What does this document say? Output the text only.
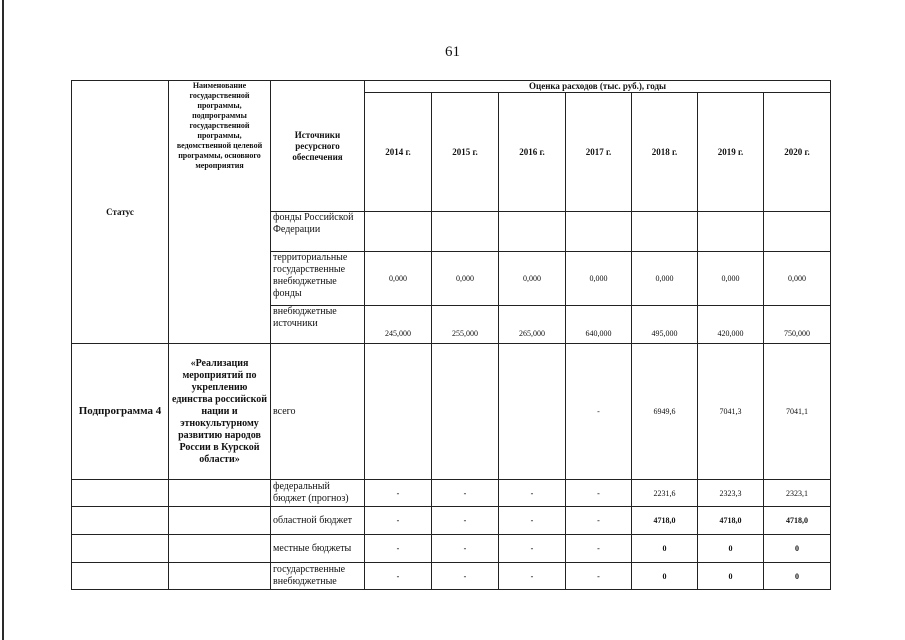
61
Статус	Наименование государственной программы, подпрограммы государственной программы, ведомственной целевой программы, основного мероприятия	Источники ресурсного обеспечения	Оценка расходов (тыс. руб.), годы						
			2014 г.	2015 г.	2016 г.	2017 г.	2018 г.	2019 г.	2020 г.
		фонды Российской Федерации							
		территориальные государственные внебюджетные фонды	0,000	0,000	0,000	0,000	0,000	0,000	0,000
		внебюджетные источники	245,000	255,000	265,000	640,000	495,000	420,000	750,000
Подпрограмма 4	«Реализация мероприятий по укреплению единства российской нации и этнокультурному развитию народов России в Курской области»	всего				-	6949,6	7041,3	7041,1
		федеральный бюджет (прогноз)	-	-	-	-	2231,6	2323,3	2323,1
		областной бюджет	-	-	-	-	4718,0	4718,0	4718,0
		местные бюджеты	-	-	-	-	0	0	0
		государственные внебюджетные	-	-	-	-	0	0	0
